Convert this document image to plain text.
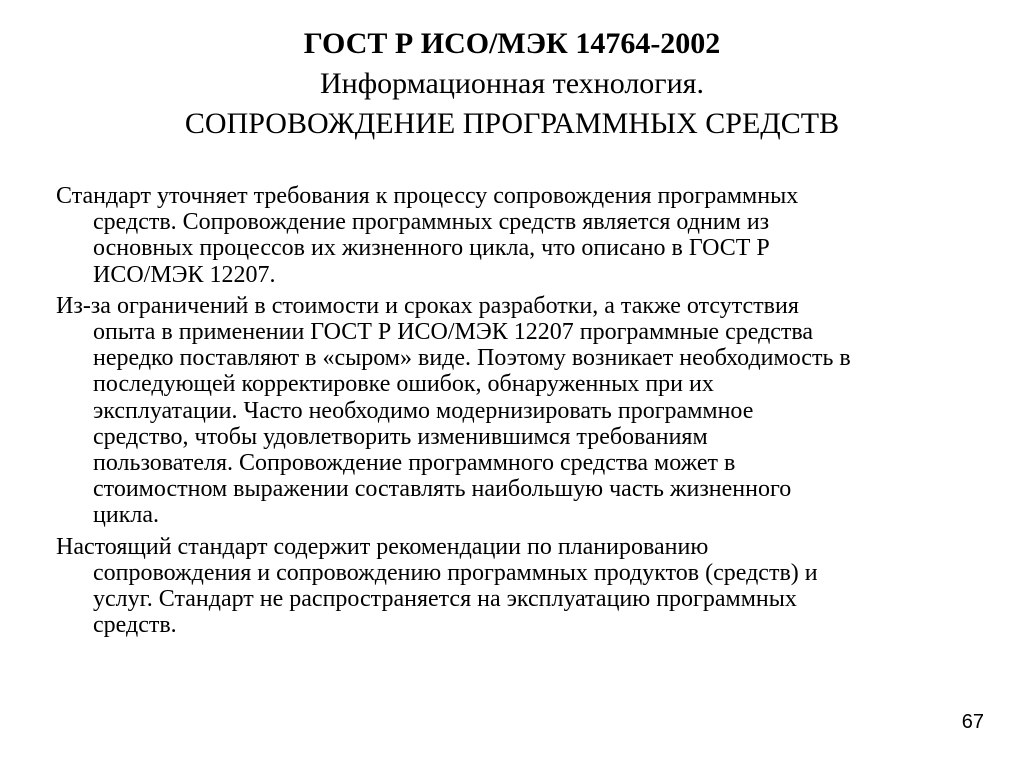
ГОСТ Р ИСО/МЭК 14764-2002
Информационная технология.
СОПРОВОЖДЕНИЕ ПРОГРАММНЫХ СРЕДСТВ

Стандарт уточняет требования к процессу сопровождения программных
средств. Сопровождение программных средств является одним из
основных процессов их жизненного цикла, что описано в ГОСТ Р
ИСО/МЭК 12207.

Из-за ограничений в стоимости и сроках разработки, а также отсутствия
опыта в применении ГОСТ Р ИСО/МЭК 12207 программные средства
нередко поставляют в «сыром» виде. Поэтому возникает необходимость в
последующей корректировке ошибок, обнаруженных при их
эксплуатации. Часто необходимо модернизировать программное
средство, чтобы удовлетворить изменившимся требованиям
пользователя. Сопровождение программного средства может в
стоимостном выражении составлять наибольшую часть жизненного
цикла.

Настоящий стандарт содержит рекомендации по планированию
сопровождения и сопровождению программных продуктов (средств) и
услуг. Стандарт не распространяется на эксплуатацию программных
средств.

67
